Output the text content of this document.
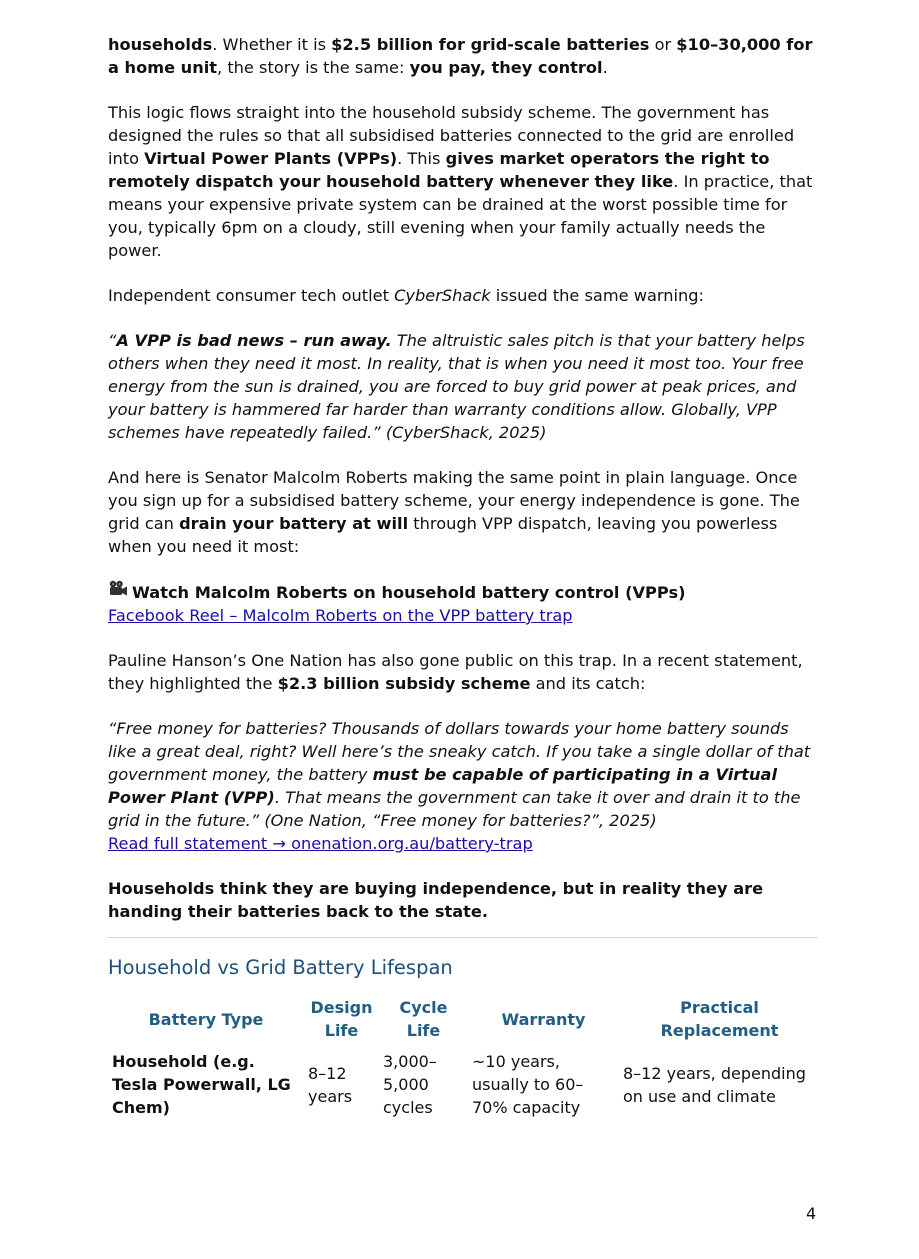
households. Whether it is $2.5 billion for grid-scale batteries or $10–30,000 for a home unit, the story is the same: you pay, they control.

This logic flows straight into the household subsidy scheme. The government has designed the rules so that all subsidised batteries connected to the grid are enrolled into Virtual Power Plants (VPPs). This gives market operators the right to remotely dispatch your household battery whenever they like. In practice, that means your expensive private system can be drained at the worst possible time for you, typically 6pm on a cloudy, still evening when your family actually needs the power.

Independent consumer tech outlet CyberShack issued the same warning:

“A VPP is bad news – run away. The altruistic sales pitch is that your battery helps others when they need it most. In reality, that is when you need it most too. Your free energy from the sun is drained, you are forced to buy grid power at peak prices, and your battery is hammered far harder than warranty conditions allow. Globally, VPP schemes have repeatedly failed.” (CyberShack, 2025)

And here is Senator Malcolm Roberts making the same point in plain language. Once you sign up for a subsidised battery scheme, your energy independence is gone. The grid can drain your battery at will through VPP dispatch, leaving you powerless when you need it most:

Watch Malcolm Roberts on household battery control (VPPs)

Facebook Reel – Malcolm Roberts on the VPP battery trap

Pauline Hanson’s One Nation has also gone public on this trap. In a recent statement, they highlighted the $2.3 billion subsidy scheme and its catch:

“Free money for batteries? Thousands of dollars towards your home battery sounds like a great deal, right? Well here’s the sneaky catch. If you take a single dollar of that government money, the battery must be capable of participating in a Virtual Power Plant (VPP). That means the government can take it over and drain it to the grid in the future.” (One Nation, “Free money for batteries?”, 2025)

Read full statement → onenation.org.au/battery-trap

Households think they are buying independence, but in reality they are handing their batteries back to the state.

Household vs Grid Battery Lifespan
Battery Type	Design Life	Cycle Life	Warranty	Practical Replacement
Household (e.g. Tesla Powerwall, LG Chem)	8–12 years	3,000–5,000 cycles	~10 years, usually to 60–70% capacity	8–12 years, depending on use and climate
4
